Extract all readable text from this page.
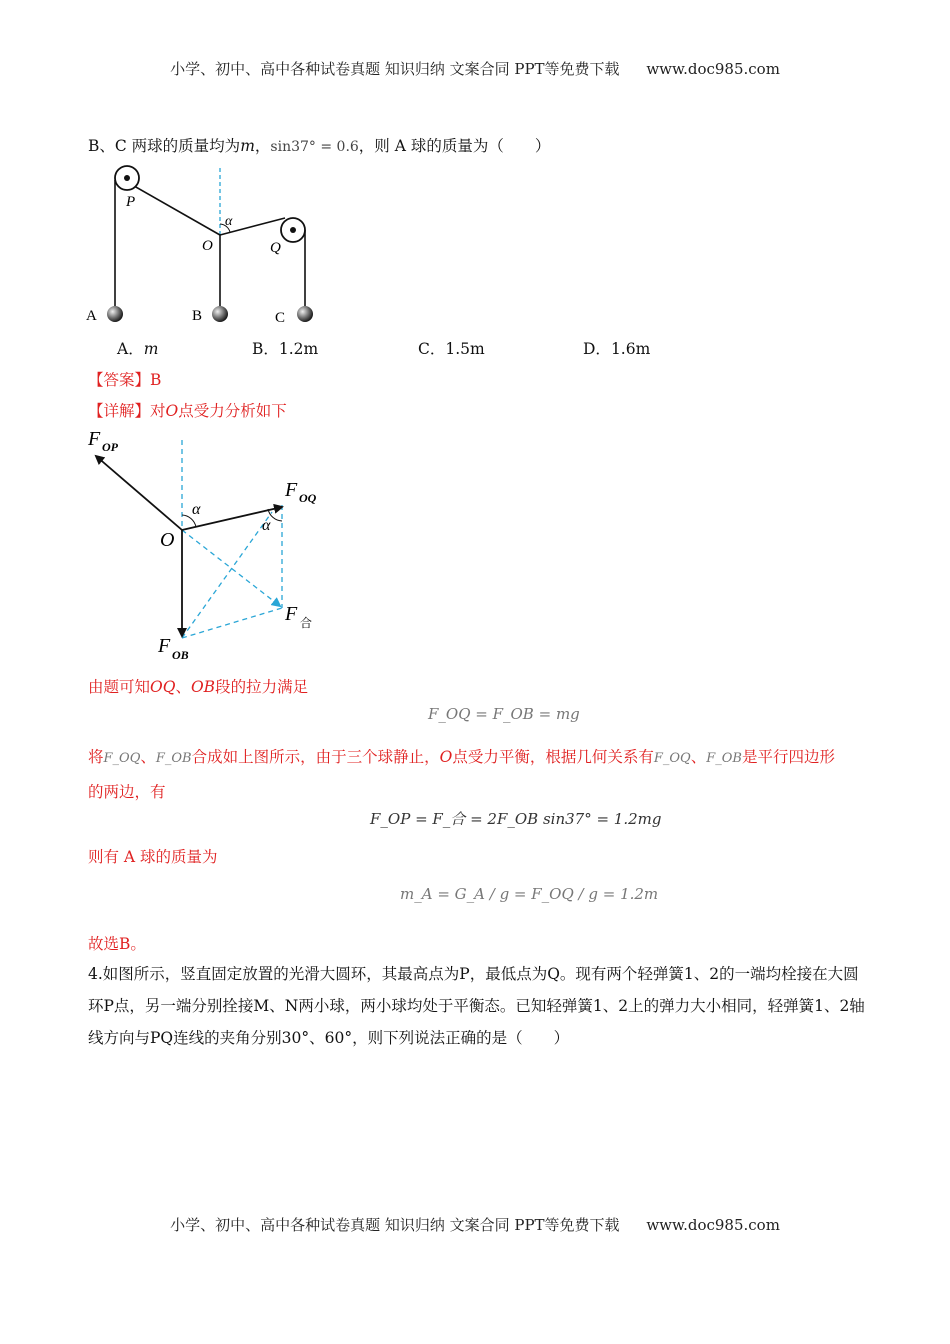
小学、初中、高中各种试卷真题 知识归纳 文案合同 PPT等免费下载 www.doc985.com
B、C 两球的质量均为m，sin37° = 0.6，则 A 球的质量为（　　）
P
O	Q
α
A	B	C
A．m	B．1.2m	C．1.5m	D．1.6m
【答案】B
【详解】对O点受力分析如下
F OP
F OQ
F 合
F OB
O
α
α
由题可知OQ、OB段的拉力满足
F_OQ = F_OB = mg
将F_OQ、F_OB合成如上图所示，由于三个球静止，O点受力平衡，根据几何关系有F_OQ、F_OB是平行四边形
的两边，有
F_OP = F_合 = 2F_OB sin37° = 1.2mg
则有 A 球的质量为
m_A = G_A / g = F_OQ / g = 1.2m
故选B。
4.如图所示，竖直固定放置的光滑大圆环，其最高点为P，最低点为Q。现有两个轻弹簧1、2的一端均栓接在大圆环P点，另一端分别拴接M、N两小球，两小球均处于平衡态。已知轻弹簧1、2上的弹力大小相同，轻弹簧1、2轴线方向与PQ连线的夹角分别30°、60°，则下列说法正确的是（　　）
小学、初中、高中各种试卷真题 知识归纳 文案合同 PPT等免费下载 www.doc985.com
